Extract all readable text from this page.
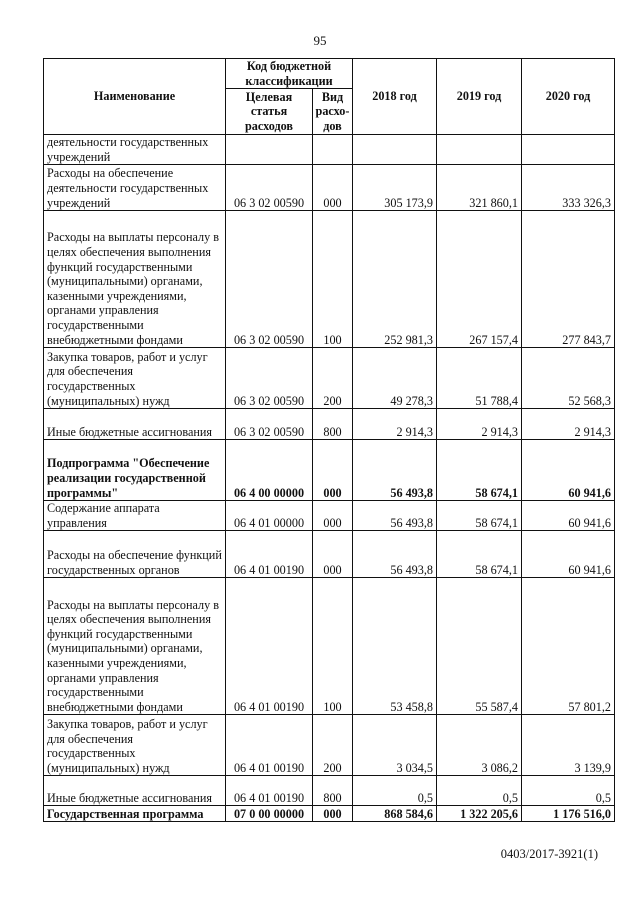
95
Наименование	Код бюджетной классификации		2018 год	2019 год	2020 год
	Целевая статья расходов	Вид расхо-дов			
деятельности государственных учреждений					
Расходы на обеспечение деятельности государственных учреждений	06 3 02 00590	000	305 173,9	321 860,1	333 326,3
Расходы на выплаты персоналу в целях обеспечения выполнения функций государственными (муниципальными) органами, казенными учреждениями, органами управления государственными внебюджетными фондами	06 3 02 00590	100	252 981,3	267 157,4	277 843,7
Закупка товаров, работ и услуг для обеспечения государственных (муниципальных) нужд	06 3 02 00590	200	49 278,3	51 788,4	52 568,3
Иные бюджетные ассигнования	06 3 02 00590	800	2 914,3	2 914,3	2 914,3
Подпрограмма "Обеспечение реализации государственной программы"	06 4 00 00000	000	56 493,8	58 674,1	60 941,6
Содержание аппарата управления	06 4 01 00000	000	56 493,8	58 674,1	60 941,6
Расходы на обеспечение функций государственных органов	06 4 01 00190	000	56 493,8	58 674,1	60 941,6
Расходы на выплаты персоналу в целях обеспечения выполнения функций государственными (муниципальными) органами, казенными учреждениями, органами управления государственными внебюджетными фондами	06 4 01 00190	100	53 458,8	55 587,4	57 801,2
Закупка товаров, работ и услуг для обеспечения государственных (муниципальных) нужд	06 4 01 00190	200	3 034,5	3 086,2	3 139,9
Иные бюджетные ассигнования	06 4 01 00190	800	0,5	0,5	0,5
Государственная программа	07 0 00 00000	000	868 584,6	1 322 205,6	1 176 516,0
0403/2017-3921(1)
